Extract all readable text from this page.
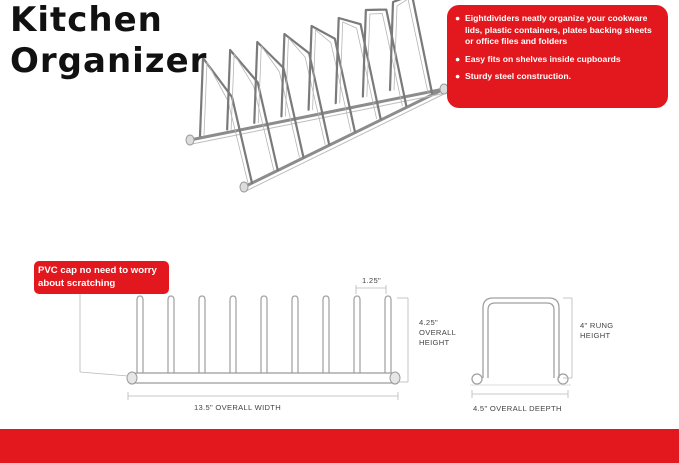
Kitchen
Organizer
● Eightdividers neatly organize your cookware lids, plastic containers, plates backing sheets or office files and folders
● Easy fits on shelves inside cupboards
● Sturdy steel construction.
PVC cap no need to worry about scratching	1.25"
4.25"
OVERALL
HEIGHT
13.5" OVERALL WIDTH
4" RUNG
HEIGHT
4.5" OVERALL DEEPTH
